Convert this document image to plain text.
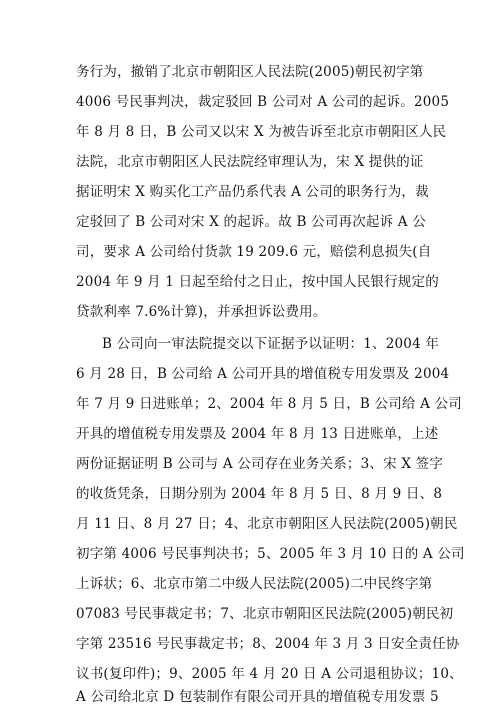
务行为，撤销了北京市朝阳区人民法院(2005)朝民初字第
4006 号民事判决，裁定驳回 B 公司对 A 公司的起诉。2005
年 8 月 8 日，B 公司又以宋 X 为被告诉至北京市朝阳区人民
法院，北京市朝阳区人民法院经审理认为，宋 X 提供的证
据证明宋 X 购买化工产品仍系代表 A 公司的职务行为，裁
定驳回了 B 公司对宋 X 的起诉。故 B 公司再次起诉 A 公
司，要求 A 公司给付货款 19 209.6 元，赔偿利息损失(自
2004 年 9 月 1 日起至给付之日止，按中国人民银行规定的
贷款利率 7.6%计算)，并承担诉讼费用。
B 公司向一审法院提交以下证据予以证明：1、2004 年
6 月 28 日，B 公司给 A 公司开具的增值税专用发票及 2004
年 7 月 9 日进账单；2、2004 年 8 月 5 日，B 公司给 A 公司
开具的增值税专用发票及 2004 年 8 月 13 日进账单，上述
两份证据证明 B 公司与 A 公司存在业务关系；3、宋 X 签字
的收货凭条，日期分别为 2004 年 8 月 5 日、8 月 9 日、8
月 11 日、8 月 27 日；4、北京市朝阳区人民法院(2005)朝民
初字第 4006 号民事判决书；5、2005 年 3 月 10 日的 A 公司
上诉状；6、北京市第二中级人民法院(2005)二中民终字第
07083 号民事裁定书；7、北京市朝阳区民法院(2005)朝民初
字第 23516 号民事裁定书；8、2004 年 3 月 3 日安全责任协
议书(复印件)；9、2005 年 4 月 20 日 A 公司退租协议；10、
A 公司给北京 D 包装制作有限公司开具的增值税专用发票 5
